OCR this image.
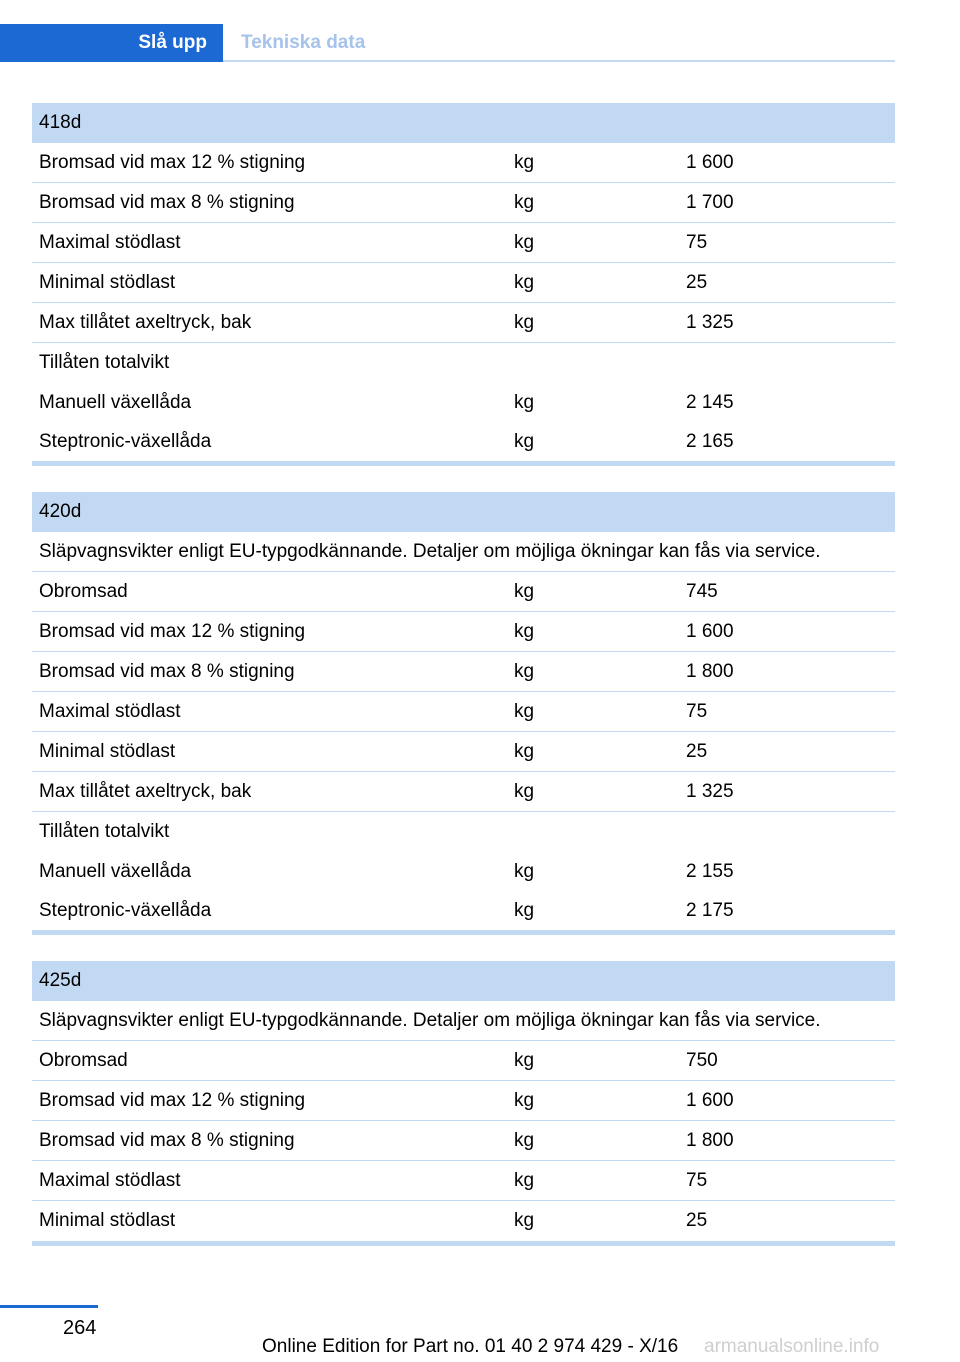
Slå upp	Tekniska data
418d
Bromsad vid max 12 % stigning	kg	1 600
Bromsad vid max 8 % stigning	kg	1 700
Maximal stödlast	kg	75
Minimal stödlast	kg	25
Max tillåtet axeltryck, bak	kg	1 325
Tillåten totalvikt
Manuell växellåda	kg	2 145
Steptronic-växellåda	kg	2 165
420d
Släpvagnsvikter enligt EU-typgodkännande. Detaljer om möjliga ökningar kan fås via service.
Obromsad	kg	745
Bromsad vid max 12 % stigning	kg	1 600
Bromsad vid max 8 % stigning	kg	1 800
Maximal stödlast	kg	75
Minimal stödlast	kg	25
Max tillåtet axeltryck, bak	kg	1 325
Tillåten totalvikt
Manuell växellåda	kg	2 155
Steptronic-växellåda	kg	2 175
425d
Släpvagnsvikter enligt EU-typgodkännande. Detaljer om möjliga ökningar kan fås via service.
Obromsad	kg	750
Bromsad vid max 12 % stigning	kg	1 600
Bromsad vid max 8 % stigning	kg	1 800
Maximal stödlast	kg	75
Minimal stödlast	kg	25
264
Online Edition for Part no. 01 40 2 974 429 - X/16 armanualsonline.info
